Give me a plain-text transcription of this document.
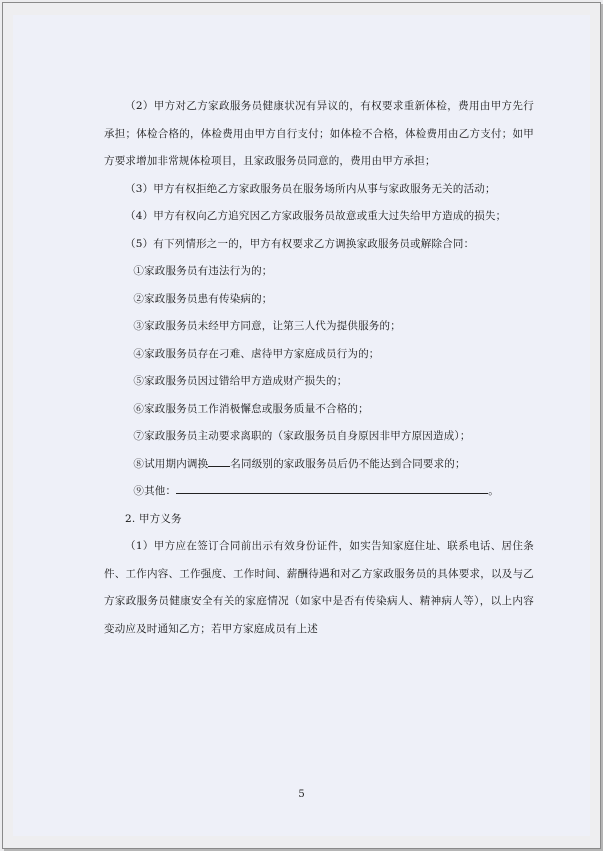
（2）甲方对乙方家政服务员健康状况有异议的，有权要求重新体检，费用由甲方先行承担；体检合格的，体检费用由甲方自行支付；如体检不合格，体检费用由乙方支付；如甲方要求增加非常规体检项目，且家政服务员同意的，费用由甲方承担；

（3）甲方有权拒绝乙方家政服务员在服务场所内从事与家政服务无关的活动；

（4）甲方有权向乙方追究因乙方家政服务员故意或重大过失给甲方造成的损失；

（5）有下列情形之一的，甲方有权要求乙方调换家政服务员或解除合同：

①家政服务员有违法行为的；

②家政服务员患有传染病的；

③家政服务员未经甲方同意，让第三人代为提供服务的；

④家政服务员存在刁难、虐待甲方家庭成员行为的；

⑤家政服务员因过错给甲方造成财产损失的；

⑥家政服务员工作消极懈怠或服务质量不合格的；

⑦家政服务员主动要求离职的（家政服务员自身原因非甲方原因造成）；

⑧试用期内调换 名同级别的家政服务员后仍不能达到合同要求的；

⑨其他：	。

2. 甲方义务

（1）甲方应在签订合同前出示有效身份证件，如实告知家庭住址、联系电话、居住条件、工作内容、工作强度、工作时间、薪酬待遇和对乙方家政服务员的具体要求，以及与乙方家政服务员健康安全有关的家庭情况（如家中是否有传染病人、精神病人等），以上内容变动应及时通知乙方；若甲方家庭成员有上述

5
